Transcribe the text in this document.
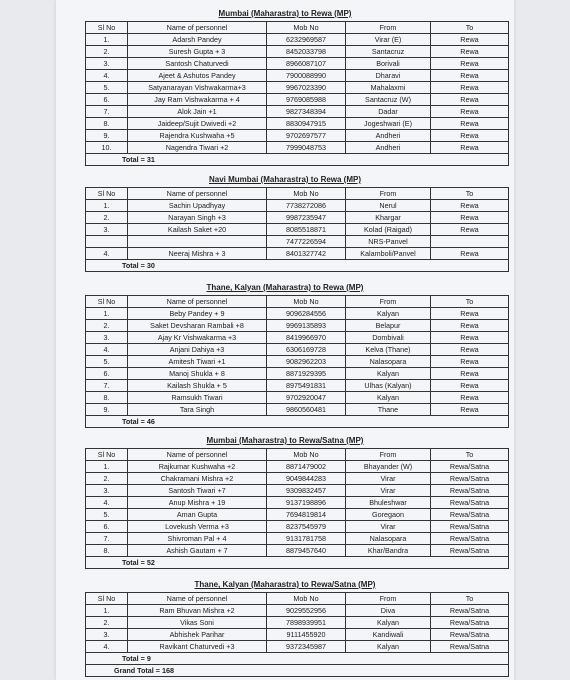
Mumbai (Maharastra) to Rewa (MP)
Sl No	Name of personnel	Mob No	From	To
1.	Adarsh Pandey	6232969587	Virar (E)	Rewa
2.	Suresh Gupta + 3	8452033798	Santacruz	Rewa
3.	Santosh Chaturvedi	8966087107	Borivali	Rewa
4.	Ajeet & Ashutos Pandey	7900088990	Dharavi	Rewa
5.	Satyanarayan Vishwakarma+3	9967023390	Mahalaxmi	Rewa
6.	Jay Ram Vishwakarma + 4	9769085988	Santacruz (W)	Rewa
7.	Alok Jain +1	9827348394	Dadar	Rewa
8.	Jaideep/Sujit Dwivedi +2	8830947915	Jogeshwari (E)	Rewa
9.	Rajendra Kushwaha +5	9702697577	Andheri	Rewa
10.	Nagendra Tiwari +2	7999048753	Andheri	Rewa
Total = 31				
Navi Mumbai (Maharastra) to Rewa (MP)
Sl No	Name of personnel	Mob No	From	To
1.	Sachin Upadhyay	7738272086	Nerul	Rewa
2.	Narayan Singh +3	9987235947	Khargar	Rewa
3.	Kailash Saket +20	8085518871	Kolad (Raigad)	Rewa
		7477226594	NRS-Panvel	
4.	Neeraj Mishra + 3	8401327742	Kalamboli/Panvel	Rewa
Total = 30				
Thane, Kalyan (Maharastra) to Rewa (MP)
Sl No	Name of personnel	Mob No	From	To
1.	Beby Pandey + 9	9096284556	Kalyan	Rewa
2.	Saket Devsharan Rambali +8	9969135893	Belapur	Rewa
3.	Ajay Kr Vishwakarma +3	8419966970	Dombivali	Rewa
4.	Anjani Dahiya +3	6306169728	Kelva (Thane)	Rewa
5.	Amitesh Tiwari +1	9082962203	Nalasopara	Rewa
6.	Manoj Shukla + 8	8871929395	Kalyan	Rewa
7.	Kailash Shukla + 5	8975491831	Ulhas (Kalyan)	Rewa
8.	Ramsukh Tiwari	9702920047	Kalyan	Rewa
9.	Tara Singh	9860560481	Thane	Rewa
Total = 46				
Mumbai (Maharastra) to Rewa/Satna (MP)
Sl No	Name of personnel	Mob No	From	To
1.	Rajkumar Kushwaha +2	8871479002	Bhayander (W)	Rewa/Satna
2.	Chakramani Mishra +2	9049844283	Virar	Rewa/Satna
3.	Santosh Tiwari +7	9309832457	Virar	Rewa/Satna
4.	Anup Mishra + 19	9137198896	Bhuleshwar	Rewa/Satna
5.	Aman Gupta	7694819814	Goregaon	Rewa/Satna
6.	Lovekush Verma +3	8237545979	Virar	Rewa/Satna
7.	Shivroman Pal + 4	9131781758	Nalasopara	Rewa/Satna
8.	Ashish Gautam + 7	8879457640	Khar/Bandra	Rewa/Satna
Total = 52				
Thane, Kalyan (Maharastra) to Rewa/Satna (MP)
Sl No	Name of personnel	Mob No	From	To
1.	Ram Bhuvan Mishra +2	9029552956	Diva	Rewa/Satna
2.	Vikas Soni	7898939951	Kalyan	Rewa/Satna
3.	Abhishek Parihar	9111455920	Kandiwali	Rewa/Satna
4.	Ravikant Chaturvedi +3	9372345987	Kalyan	Rewa/Satna
Total = 9				
Grand Total = 168				
